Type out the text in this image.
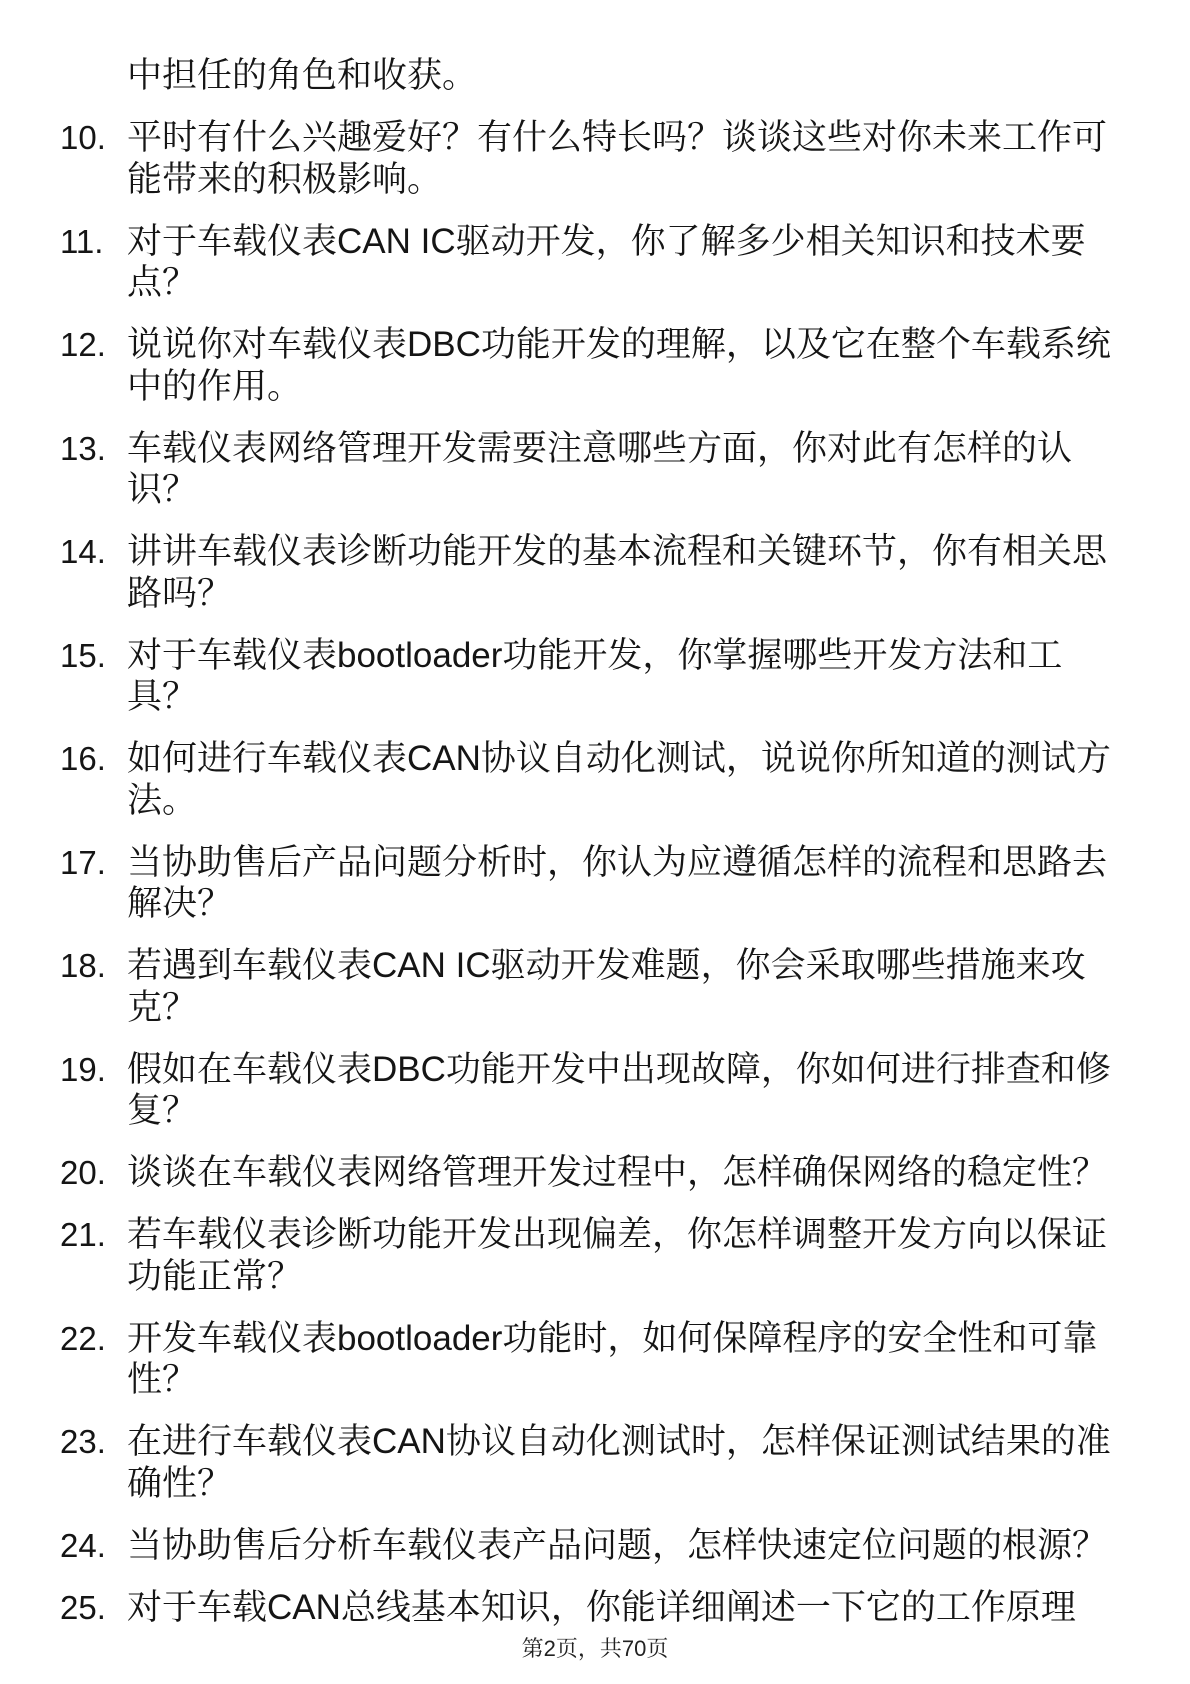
中担任的角色和收获。
10. 平时有什么兴趣爱好？有什么特长吗？谈谈这些对你未来工作可
能带来的积极影响。
11. 对于车载仪表CAN IC驱动开发，你了解多少相关知识和技术要
点？
12. 说说你对车载仪表DBC功能开发的理解，以及它在整个车载系统
中的作用。
13. 车载仪表网络管理开发需要注意哪些方面，你对此有怎样的认
识？
14. 讲讲车载仪表诊断功能开发的基本流程和关键环节，你有相关思
路吗？
15. 对于车载仪表bootloader功能开发，你掌握哪些开发方法和工
具？
16. 如何进行车载仪表CAN协议自动化测试，说说你所知道的测试方
法。
17. 当协助售后产品问题分析时，你认为应遵循怎样的流程和思路去
解决？
18. 若遇到车载仪表CAN IC驱动开发难题，你会采取哪些措施来攻
克？
19. 假如在车载仪表DBC功能开发中出现故障，你如何进行排查和修
复？
20. 谈谈在车载仪表网络管理开发过程中，怎样确保网络的稳定性？
21. 若车载仪表诊断功能开发出现偏差，你怎样调整开发方向以保证
功能正常？
22. 开发车载仪表bootloader功能时，如何保障程序的安全性和可靠
性？
23. 在进行车载仪表CAN协议自动化测试时，怎样保证测试结果的准
确性？
24. 当协助售后分析车载仪表产品问题，怎样快速定位问题的根源？
25. 对于车载CAN总线基本知识，你能详细阐述一下它的工作原理
第2页，共70页
